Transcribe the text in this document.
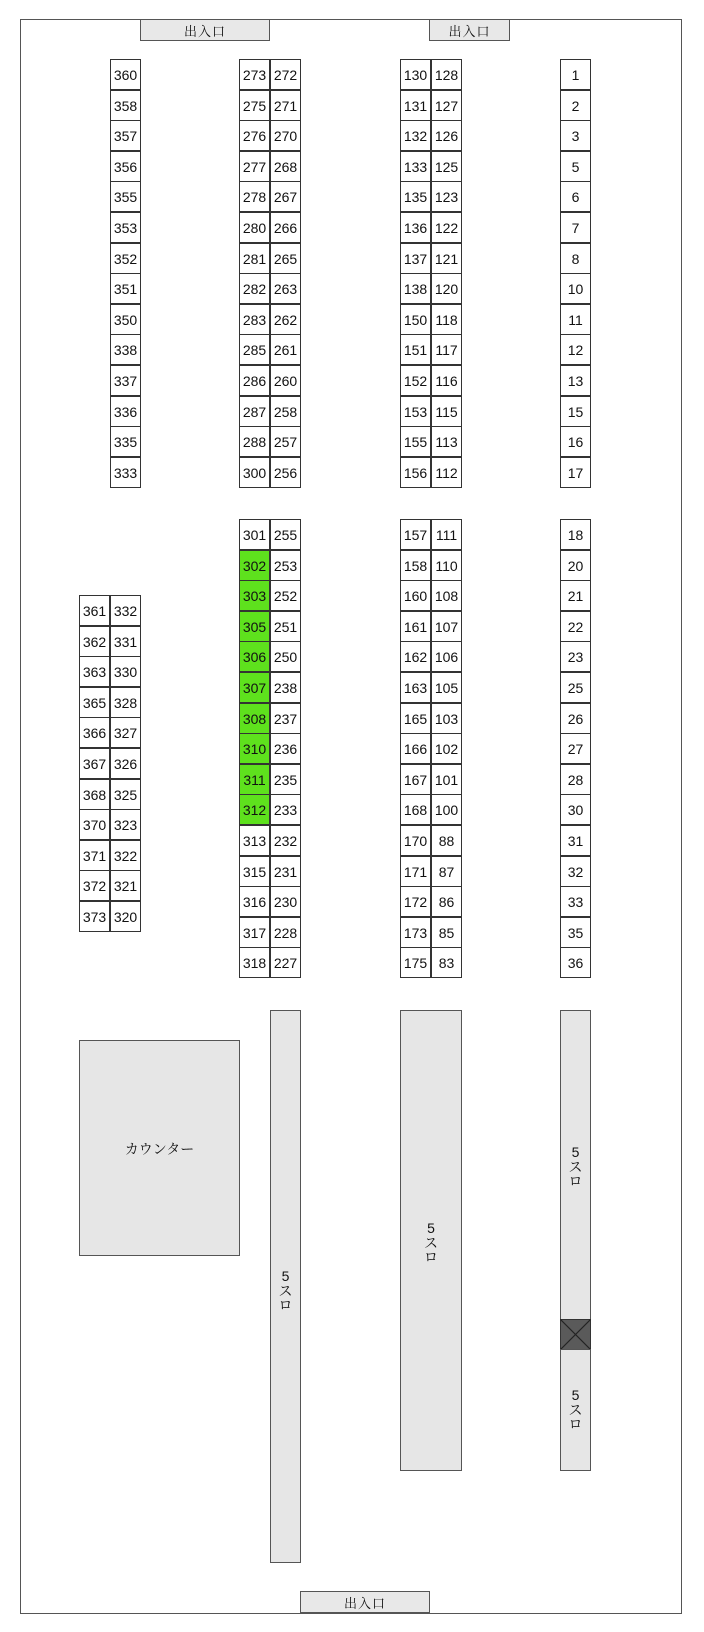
出入口	出入口
出入口
360
358
357
356
355
353
352
351
350
338
337
336
335
333
361
362
363
365
366
367
368
370
371
372
373
332
331
330
328
327
326
325
323
322
321
320
273
275
276
277
278
280
281
282
283
285
286
287
288
300
272
271
270
268
267
266
265
263
262
261
260
258
257
256
301
302
303
305
306
307
308
310
311
312
313
315
316
317
318
255
253
252
251
250
238
237
236
235
233
232
231
230
228
227
130
131
132
133
135
136
137
138
150
151
152
153
155
156
128
127
126
125
123
122
121
120
118
117
116
115
113
112
157
158
160
161
162
163
165
166
167
168
170
171
172
173
175
111
110
108
107
106
105
103
102
101
100
88
87
86
85
83
1
2
3
5
6
7
8
10
11
12
13
15
16
17
18
20
21
22
23
25
26
27
28
30
31
32
33
35
36
カウンター
5
ス
ロ
5
ス
ロ
5
ス
ロ
5
ス
ロ
